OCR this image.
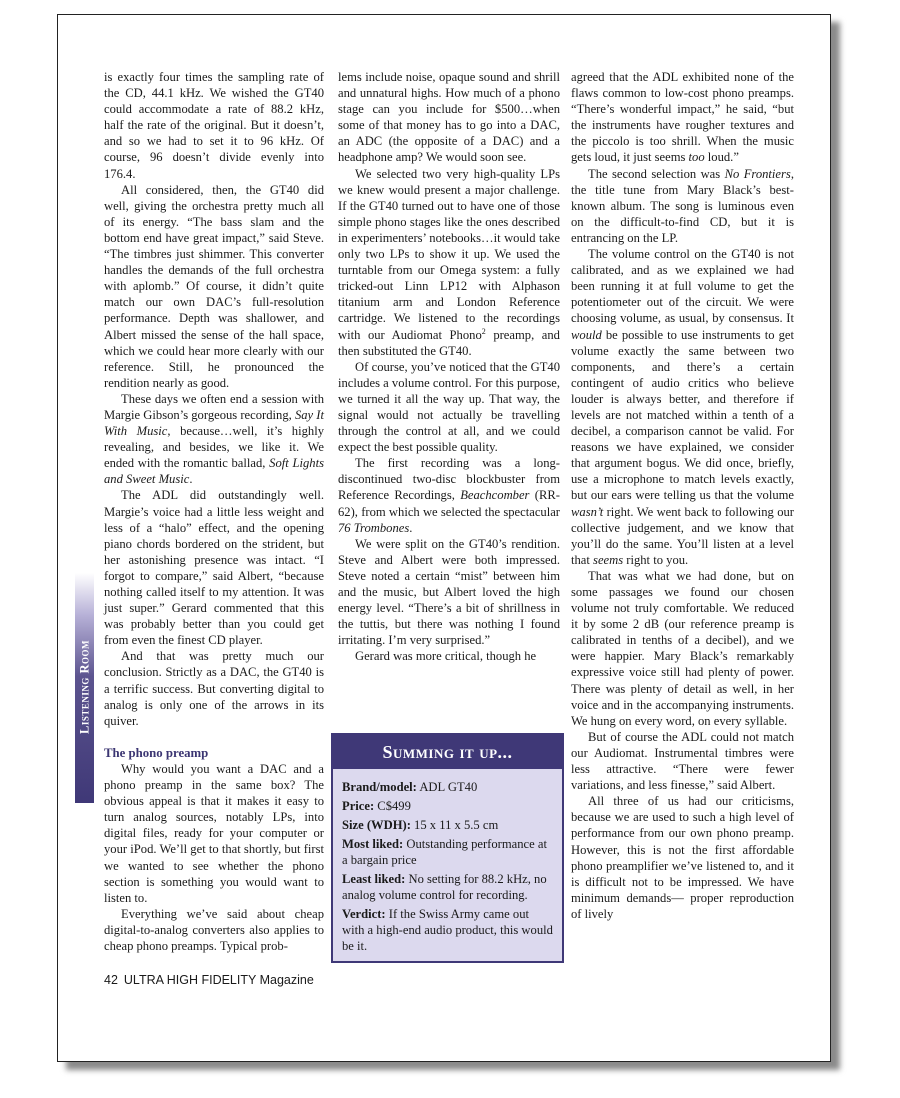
Listening Room

is exactly four times the sampling rate of the CD, 44.1 kHz. We wished the GT40 could accommodate a rate of 88.2 kHz, half the rate of the original. But it doesn’t, and so we had to set it to 96 kHz. Of course, 96 doesn’t divide evenly into 176.4.

All considered, then, the GT40 did well, giving the orchestra pretty much all of its energy. “The bass slam and the bottom end have great impact,” said Steve. “The timbres just shimmer. This converter handles the demands of the full orchestra with aplomb.” Of course, it didn’t quite match our own DAC’s full-resolution performance. Depth was shallower, and Albert missed the sense of the hall space, which we could hear more clearly with our reference. Still, he pronounced the rendition nearly as good.

These days we often end a session with Margie Gibson’s gorgeous recording, Say It With Music, because…well, it’s highly revealing, and besides, we like it. We ended with the romantic ballad, Soft Lights and Sweet Music.

The ADL did outstandingly well. Margie’s voice had a little less weight and less of a “halo” effect, and the opening piano chords bordered on the strident, but her astonishing presence was intact. “I forgot to compare,” said Albert, “because nothing called itself to my attention. It was just super.” Gerard commented that this was probably better than you could get from even the finest CD player.

And that was pretty much our conclusion. Strictly as a DAC, the GT40 is a terrific success. But converting digital to analog is only one of the arrows in its quiver.

The phono preamp

Why would you want a DAC and a phono preamp in the same box? The obvious appeal is that it makes it easy to turn analog sources, notably LPs, into digital files, ready for your computer or your iPod. We’ll get to that shortly, but first we wanted to see whether the phono section is something you would want to listen to.

Everything we’ve said about cheap digital-to-analog converters also applies to cheap phono preamps. Typical prob-

lems include noise, opaque sound and shrill and unnatural highs. How much of a phono stage can you include for $500…when some of that money has to go into a DAC, an ADC (the opposite of a DAC) and a headphone amp? We would soon see.

We selected two very high-quality LPs we knew would present a major challenge. If the GT40 turned out to have one of those simple phono stages like the ones described in experimenters’ notebooks…it would take only two LPs to show it up. We used the turntable from our Omega system: a fully tricked-out Linn LP12 with Alphason titanium arm and London Reference cartridge. We listened to the recordings with our Audiomat Phono$^2$ preamp, and then substituted the GT40.

Of course, you’ve noticed that the GT40 includes a volume control. For this purpose, we turned it all the way up. That way, the signal would not actually be travelling through the control at all, and we could expect the best possible quality.

The first recording was a long-discontinued two-disc blockbuster from Reference Recordings, Beachcomber (RR-62), from which we selected the spectacular 76 Trombones.

We were split on the GT40’s rendition. Steve and Albert were both impressed. Steve noted a certain “mist” between him and the music, but Albert loved the high energy level. “There’s a bit of shrillness in the tuttis, but there was nothing I found irritating. I’m very surprised.”

Gerard was more critical, though he

agreed that the ADL exhibited none of the flaws common to low-cost phono preamps. “There’s wonderful impact,” he said, “but the instruments have rougher textures and the piccolo is too shrill. When the music gets loud, it just seems too loud.”

The second selection was No Frontiers, the title tune from Mary Black’s best-known album. The song is luminous even on the difficult-to-find CD, but it is entrancing on the LP.

The volume control on the GT40 is not calibrated, and as we explained we had been running it at full volume to get the potentiometer out of the circuit. We were choosing volume, as usual, by consensus. It would be possible to use instruments to get volume exactly the same between two components, and there’s a certain contingent of audio critics who believe louder is always better, and therefore if levels are not matched within a tenth of a decibel, a comparison cannot be valid. For reasons we have explained, we consider that argument bogus. We did once, briefly, use a microphone to match levels exactly, but our ears were telling us that the volume wasn’t right. We went back to following our collective judgement, and we know that you’ll do the same. You’ll listen at a level that seems right to you.

That was what we had done, but on some passages we found our chosen volume not truly comfortable. We reduced it by some 2 dB (our reference preamp is calibrated in tenths of a decibel), and we were happier. Mary Black’s remarkably expressive voice still had plenty of power. There was plenty of detail as well, in her voice and in the accompanying instruments. We hung on every word, on every syllable.

But of course the ADL could not match our Audiomat. Instrumental timbres were less attractive. “There were fewer variations, and less finesse,” said Albert.

All three of us had our criticisms, because we are used to such a high level of performance from our own phono preamp. However, this is not the first affordable phono preamplifier we’ve listened to, and it is difficult not to be impressed. We have minimum demands— proper reproduction of lively

Summing it up...
Brand/model: ADL GT40
Price: C$499
Size (WDH): 15 x 11 x 5.5 cm
Most liked: Outstanding performance at a bargain price
Least liked: No setting for 88.2 kHz, no analog volume control for recording.
Verdict: If the Swiss Army came out with a high-end audio product, this would be it.
42 ULTRA HIGH FIDELITY Magazine
